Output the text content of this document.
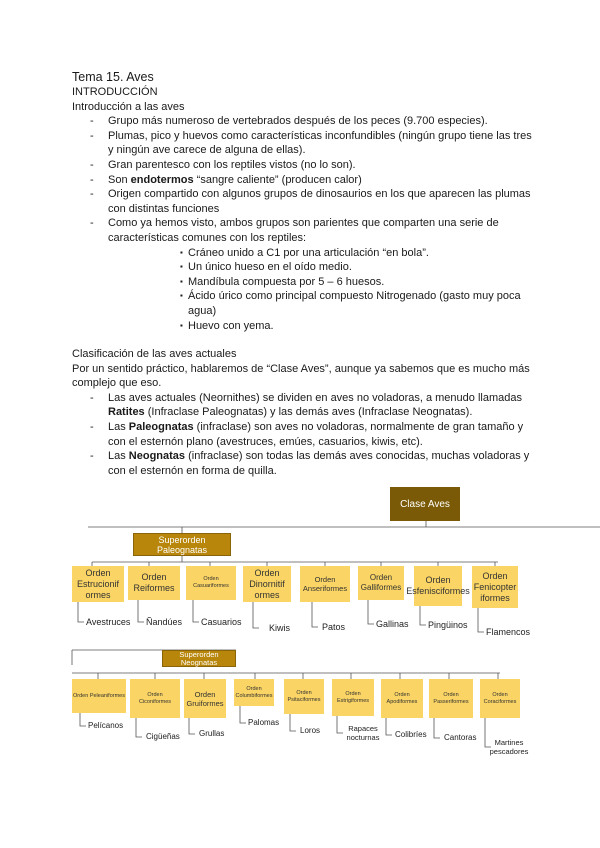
Tema 15. Aves

INTRODUCCIÓN

Introducción a las aves

- Grupo más numeroso de vertebrados después de los peces (9.700 especies).
- Plumas, pico y huevos como características inconfundibles (ningún grupo tiene las tres y ningún ave carece de alguna de ellas).
- Gran parentesco con los reptiles vistos (no lo son).
- Son endotermos “sangre caliente” (producen calor)
- Origen compartido con algunos grupos de dinosaurios en los que aparecen las plumas con distintas funciones
- Como ya hemos visto, ambos grupos son parientes que comparten una serie de características comunes con los reptiles:
▪ Cráneo unido a C1 por una articulación “en bola”.
▪ Un único hueso en el oído medio.
▪ Mandíbula compuesta por 5 – 6 huesos.
▪ Ácido úrico como principal compuesto Nitrogenado (gasto muy poca agua)
▪ Huevo con yema.

Clasificación de las aves actuales

Por un sentido práctico, hablaremos de “Clase Aves”, aunque ya sabemos que es mucho más complejo que eso.

- Las aves actuales (Neornithes) se dividen en aves no voladoras, a menudo llamadas Ratites (Infraclase Paleognatas) y las demás aves (Infraclase Neognatas).
- Las Paleognatas (infraclase) son aves no voladoras, normalmente de gran tamaño y con el esternón plano (avestruces, emúes, casuarios, kiwis, etc).
- Las Neognatas (infraclase) son todas las demás aves conocidas, muchas voladoras y con el esternón en forma de quilla.
Clase Aves
Superorden Paleognatas
Orden Estrucionif ormes
Orden Reiformes
Orden Casuariformes
Orden Dinornitif ormes
Orden Anseriformes
Orden Galliformes
Orden Esfenisciformes
Orden Fenicopter iformes
Avestruces Ñandúes Casuarios
Kiwis	Patos	Gallinas Pingüinos
Flamencos
Superorden Neognatas
Orden Peleaniformes	Orden Ciconiformes
Orden Gruiformes
Orden Columbiformes	Orden Psitaciformes
Orden Estrigiformes
Orden Apodiformes
Orden Passeriformes
Orden Coraciformes
Pelícanos
Cigüeñas Grullas
Palomas
Loros	Rapaces nocturnas	Colibríes Cantoras
Martines pescadores
